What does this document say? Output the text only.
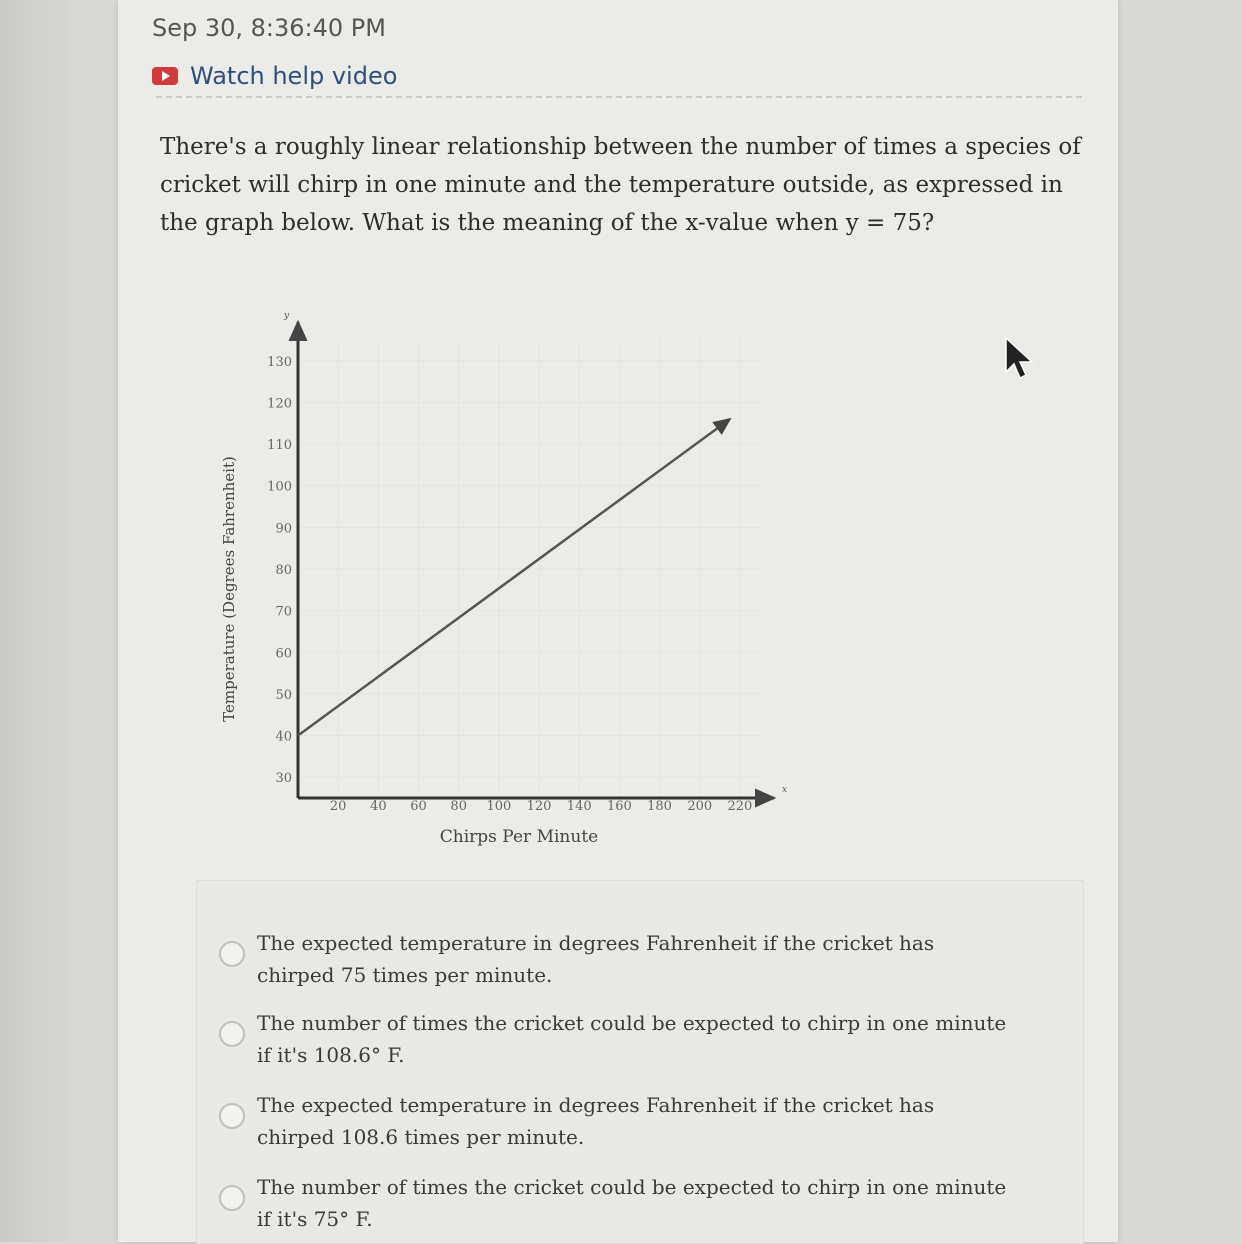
Sep 30, 8:36:40 PM
Watch help video
There's a roughly linear relationship between the number of times a species of cricket will chirp in one minute and the temperature outside, as expressed in the graph below. What is the meaning of the x-value when y = 75?
x
y
20 40 60 80 100 120 140 160 180 200 220
30
40
50
60
70
80
90
100
110
120
130
Chirps Per Minute
Temperature (Degrees Fahrenheit)
The expected temperature in degrees Fahrenheit if the cricket has chirped 75 times per minute.
The number of times the cricket could be expected to chirp in one minute if it's 108.6° F.
The expected temperature in degrees Fahrenheit if the cricket has chirped 108.6 times per minute.
The number of times the cricket could be expected to chirp in one minute if it's 75° F.
